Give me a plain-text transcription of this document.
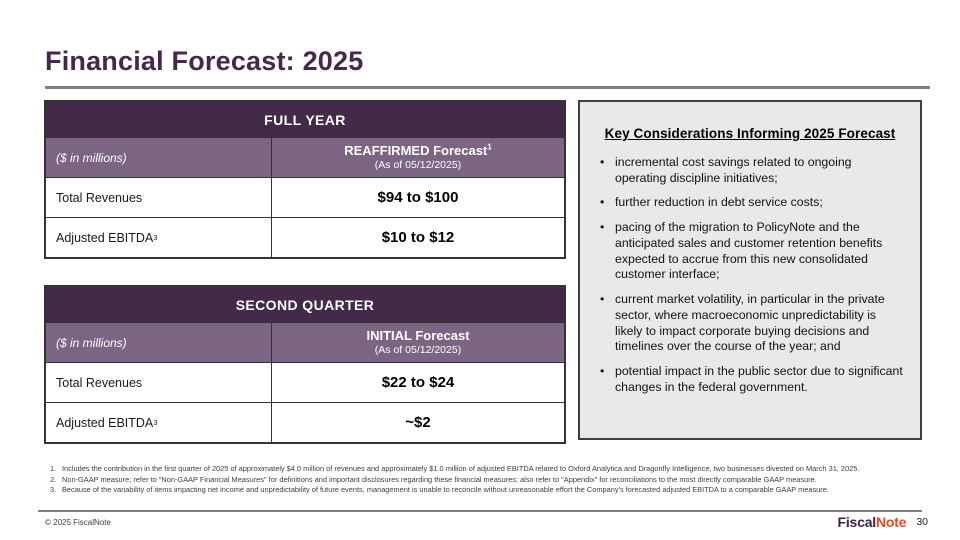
Financial Forecast: 2025
FULL YEAR
($ in millions)	REAFFIRMED Forecast$^1$
(As of 05/12/2025)
Total Revenues	$94 to $100
Adjusted EBITDA 3	$10 to $12
SECOND QUARTER
($ in millions)	INITIAL Forecast
(As of 05/12/2025)
Total Revenues	$22 to $24
Adjusted EBITDA 3	~$2
Key Considerations Informing 2025 Forecast
• incremental cost savings related to ongoing operating discipline initiatives;
• further reduction in debt service costs;
• pacing of the migration to PolicyNote and the anticipated sales and customer retention benefits expected to accrue from this new consolidated customer interface;
• current market volatility, in particular in the private sector, where macroeconomic unpredictability is likely to impact corporate buying decisions and timelines over the course of the year; and
• potential impact in the public sector due to significant changes in the federal government.
1. Includes the contribution in the first quarter of 2025 of approximately $4.0 million of revenues and approximately $1.0 million of adjusted EBITDA related to Oxford Analytica and Dragonfly Intelligence, two businesses divested on March 31, 2025.
2. Non-GAAP measure; refer to "Non-GAAP Financial Measures" for definitions and important disclosures regarding these financial measures; also refer to "Appendix" for reconciliations to the most directly comparable GAAP measure.
3. Because of the variability of items impacting net income and unpredictability of future events, management is unable to reconcile without unreasonable effort the Company's forecasted adjusted EBITDA to a comparable GAAP measure.
© 2025 FiscalNote	FiscalNote 30
